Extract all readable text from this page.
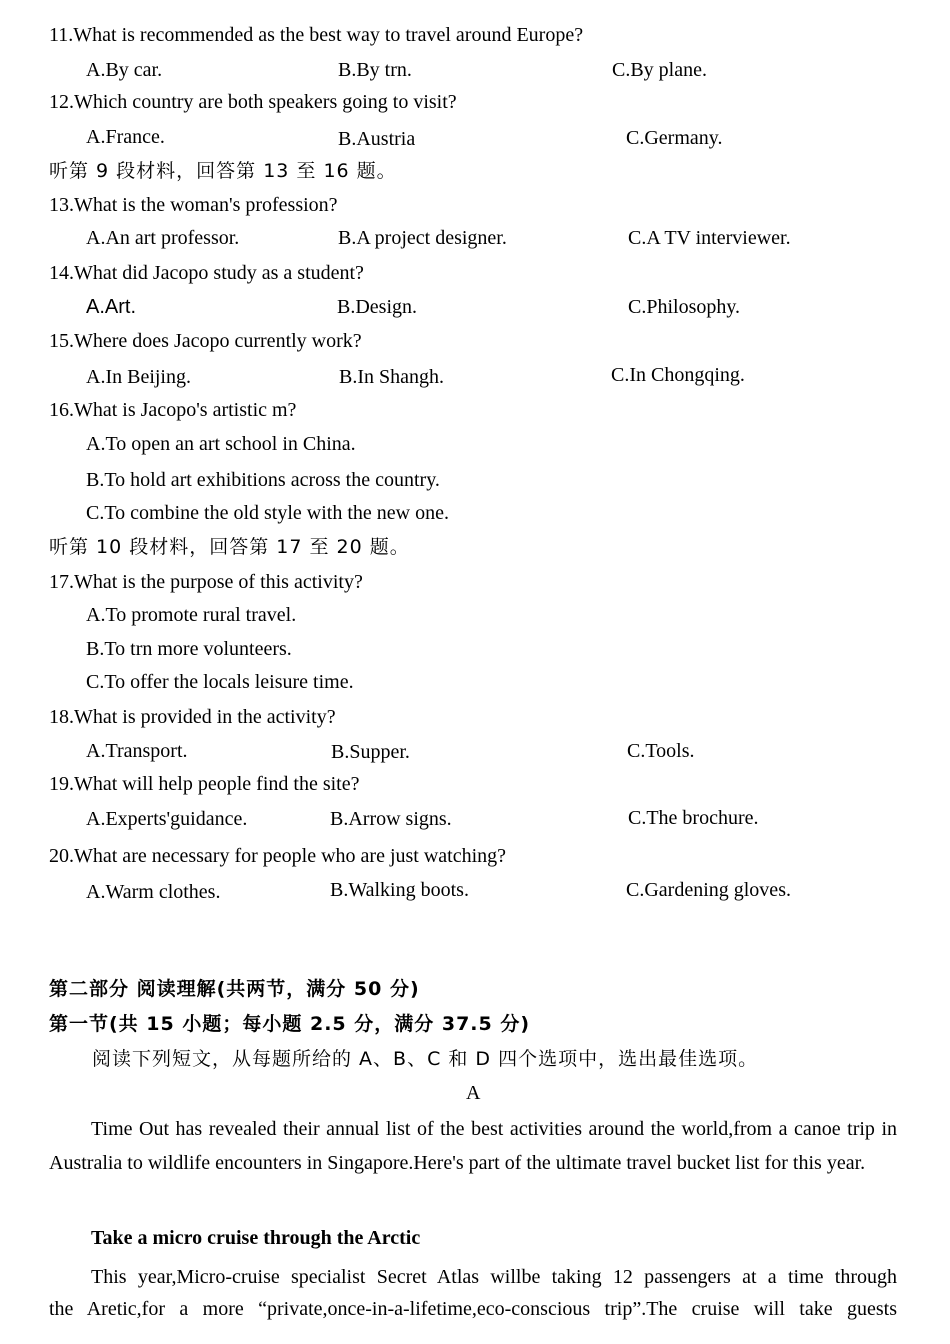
11.What is recommended as the best way to travel around Europe?
A.By car.	B.By trn.	C.By plane.
12.Which country are both speakers going to visit?
A.France.	B.Austria	C.Germany.
听第 9 段材料，回答第 13 至 16 题。
13.What is the woman's profession?
A.An art professor.	B.A project designer.	C.A TV interviewer.
14.What did Jacopo study as a student?
A.Art.	B.Design.	C.Philosophy.
15.Where does Jacopo currently work?
A.In Beijing.	B.In Shangh.	C.In Chongqing.
16.What is Jacopo's artistic m?
A.To open an art school in China.
B.To hold art exhibitions across the country.
C.To combine the old style with the new one.
听第 10 段材料，回答第 17 至 20 题。
17.What is the purpose of this activity?
A.To promote rural travel.
B.To trn more volunteers.
C.To offer the locals leisure time.
18.What is provided in the activity?
A.Transport.	B.Supper.	C.Tools.
19.What will help people find the site?
A.Experts'guidance.	B.Arrow signs.	C.The brochure.
20.What are necessary for people who are just watching?
A.Warm clothes.	B.Walking boots.	C.Gardening gloves.
第二部分 阅读理解(共两节，满分 50 分)
第一节(共 15 小题；每小题 2.5 分，满分 37.5 分)
阅读下列短文，从每题所给的 A、B、C 和 D 四个选项中，选出最佳选项。
A
Time Out has revealed their annual list of the best activities around the world,from a canoe trip in Australia to wildlife encounters in Singapore.Here's part of the ultimate travel bucket list for this year.
Take a micro cruise through the Arctic
This year,Micro-cruise specialist Secret Atlas willbe taking 12 passengers at a time through
the Aretic,for a more “private,once-in-a-lifetime,eco-conscious trip”.The cruise will take guests
